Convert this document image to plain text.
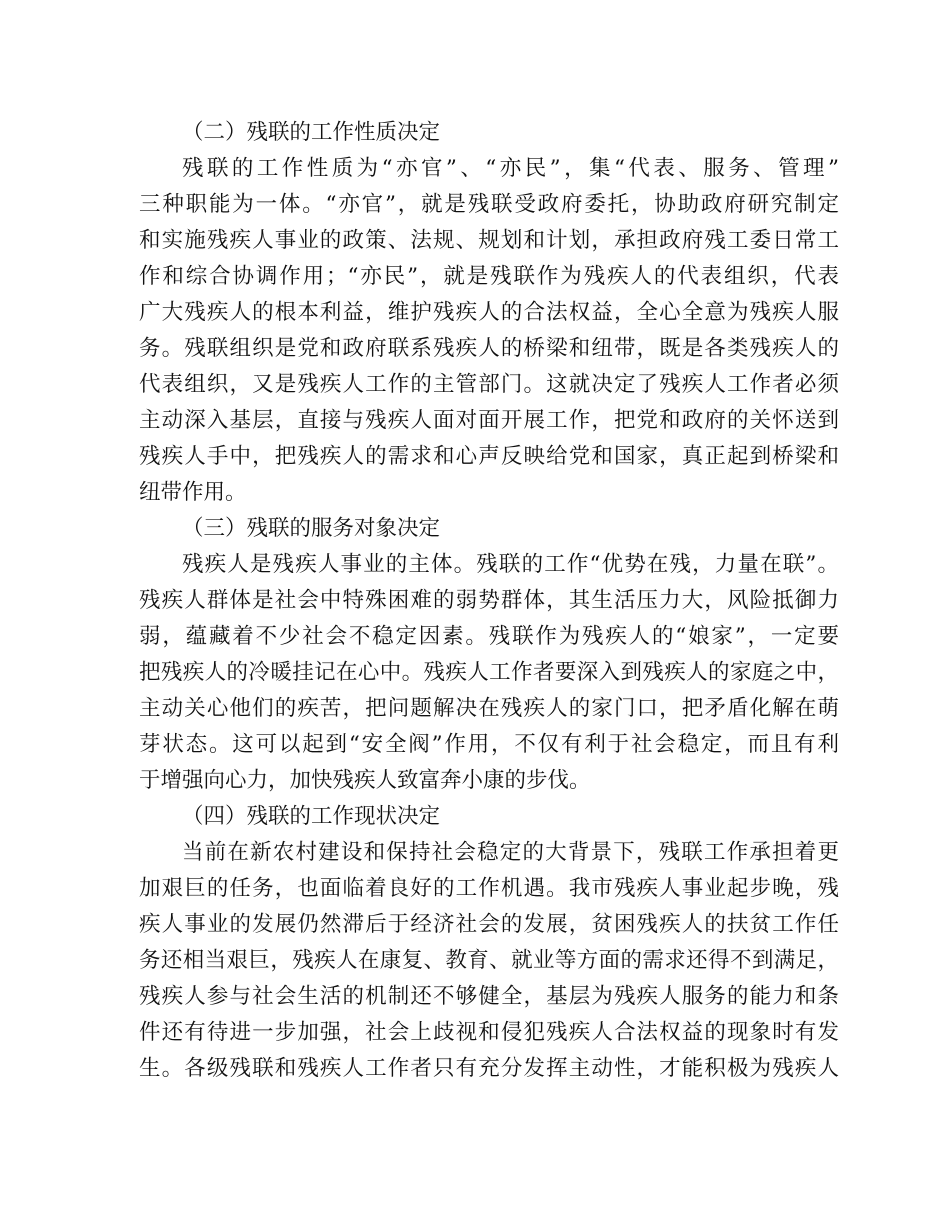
（二）残联的工作性质决定
残联的工作性质为“亦官”、“亦民”，集“代表、服务、管理”
三种职能为一体。“亦官”，就是残联受政府委托，协助政府研究制定
和实施残疾人事业的政策、法规、规划和计划，承担政府残工委日常工
作和综合协调作用；“亦民”，就是残联作为残疾人的代表组织，代表
广大残疾人的根本利益，维护残疾人的合法权益，全心全意为残疾人服
务。残联组织是党和政府联系残疾人的桥梁和纽带，既是各类残疾人的
代表组织，又是残疾人工作的主管部门。这就决定了残疾人工作者必须
主动深入基层，直接与残疾人面对面开展工作，把党和政府的关怀送到
残疾人手中，把残疾人的需求和心声反映给党和国家，真正起到桥梁和
纽带作用。
（三）残联的服务对象决定
残疾人是残疾人事业的主体。残联的工作“优势在残，力量在联”。
残疾人群体是社会中特殊困难的弱势群体，其生活压力大，风险抵御力
弱，蕴藏着不少社会不稳定因素。残联作为残疾人的“娘家”，一定要
把残疾人的冷暖挂记在心中。残疾人工作者要深入到残疾人的家庭之中，
主动关心他们的疾苦，把问题解决在残疾人的家门口，把矛盾化解在萌
芽状态。这可以起到“安全阀”作用，不仅有利于社会稳定，而且有利
于增强向心力，加快残疾人致富奔小康的步伐。
（四）残联的工作现状决定
当前在新农村建设和保持社会稳定的大背景下，残联工作承担着更
加艰巨的任务，也面临着良好的工作机遇。我市残疾人事业起步晚，残
疾人事业的发展仍然滞后于经济社会的发展，贫困残疾人的扶贫工作任
务还相当艰巨，残疾人在康复、教育、就业等方面的需求还得不到满足，
残疾人参与社会生活的机制还不够健全，基层为残疾人服务的能力和条
件还有待进一步加强，社会上歧视和侵犯残疾人合法权益的现象时有发
生。各级残联和残疾人工作者只有充分发挥主动性，才能积极为残疾人
